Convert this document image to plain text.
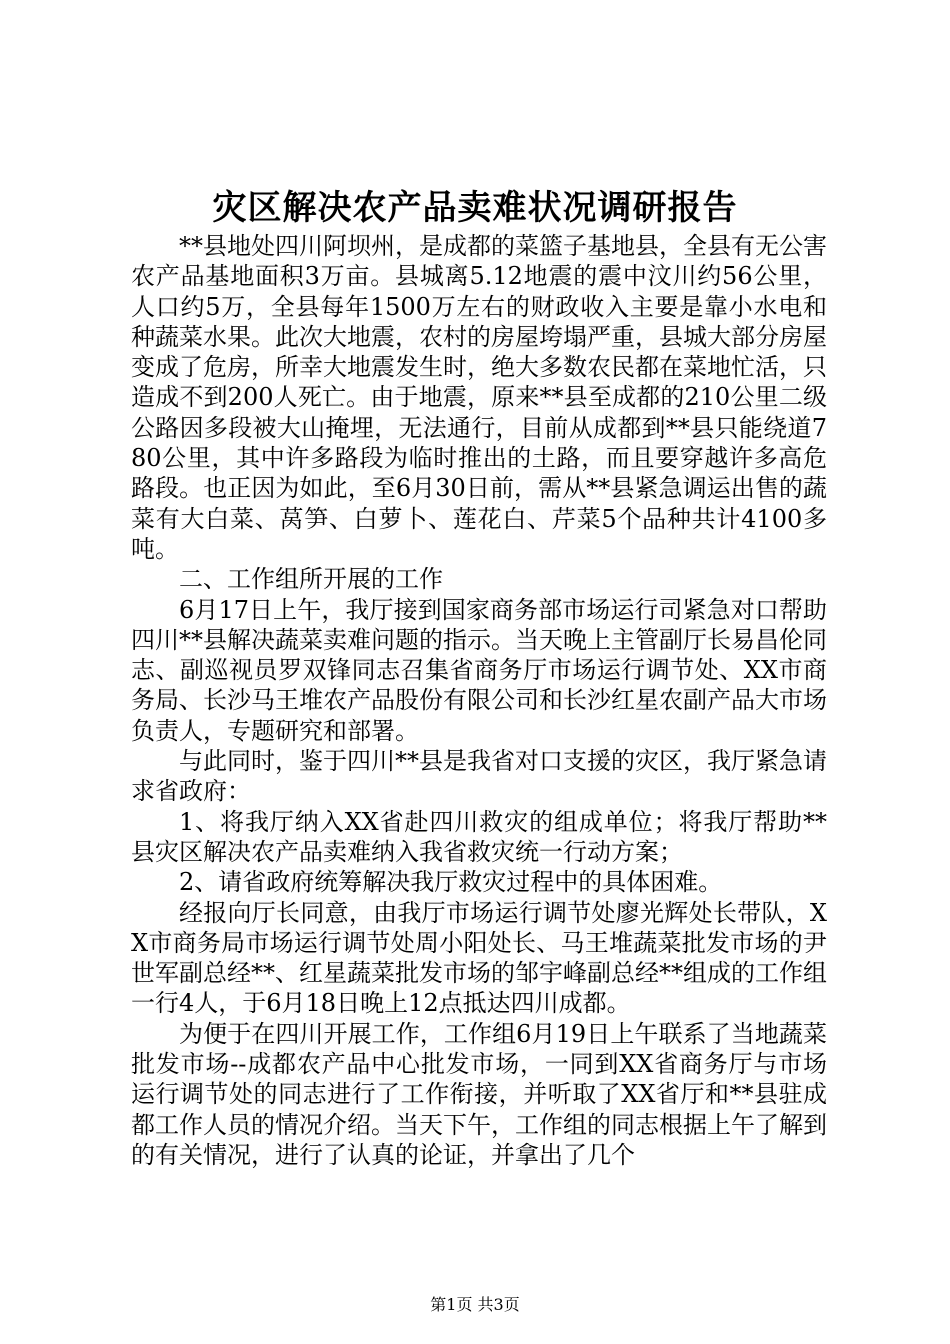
灾区解决农产品卖难状况调研报告

**县地处四川阿坝州，是成都的菜篮子基地县，全县有无公害农产品基地面积3万亩。县城离5.12地震的震中汶川约56公里，人口约5万，全县每年1500万左右的财政收入主要是靠小水电和种蔬菜水果。此次大地震，农村的房屋垮塌严重，县城大部分房屋变成了危房，所幸大地震发生时，绝大多数农民都在菜地忙活，只造成不到200人死亡。由于地震，原来**县至成都的210公里二级公路因多段被大山掩埋，无法通行，目前从成都到**县只能绕道780公里，其中许多路段为临时推出的土路，而且要穿越许多高危路段。也正因为如此，至6月30日前，需从**县紧急调运出售的蔬菜有大白菜、莴笋、白萝卜、莲花白、芹菜5个品种共计4100多吨。

二、工作组所开展的工作

6月17日上午，我厅接到国家商务部市场运行司紧急对口帮助四川**县解决蔬菜卖难问题的指示。当天晚上主管副厅长易昌伦同志、副巡视员罗双锋同志召集省商务厅市场运行调节处、XX市商务局、长沙马王堆农产品股份有限公司和长沙红星农副产品大市场负责人，专题研究和部署。

与此同时，鉴于四川**县是我省对口支援的灾区，我厅紧急请求省政府：

1、将我厅纳入XX省赴四川救灾的组成单位；将我厅帮助**县灾区解决农产品卖难纳入我省救灾统一行动方案；

2、请省政府统筹解决我厅救灾过程中的具体困难。

经报向厅长同意，由我厅市场运行调节处廖光辉处长带队，XX市商务局市场运行调节处周小阳处长、马王堆蔬菜批发市场的尹世军副总经**、红星蔬菜批发市场的邹宇峰副总经**组成的工作组一行4人，于6月18日晚上12点抵达四川成都。

为便于在四川开展工作，工作组6月19日上午联系了当地蔬菜批发市场--成都农产品中心批发市场，一同到XX省商务厅与市场运行调节处的同志进行了工作衔接，并听取了XX省厅和**县驻成都工作人员的情况介绍。当天下午，工作组的同志根据上午了解到的有关情况，进行了认真的论证，并拿出了几个

第1页 共3页
